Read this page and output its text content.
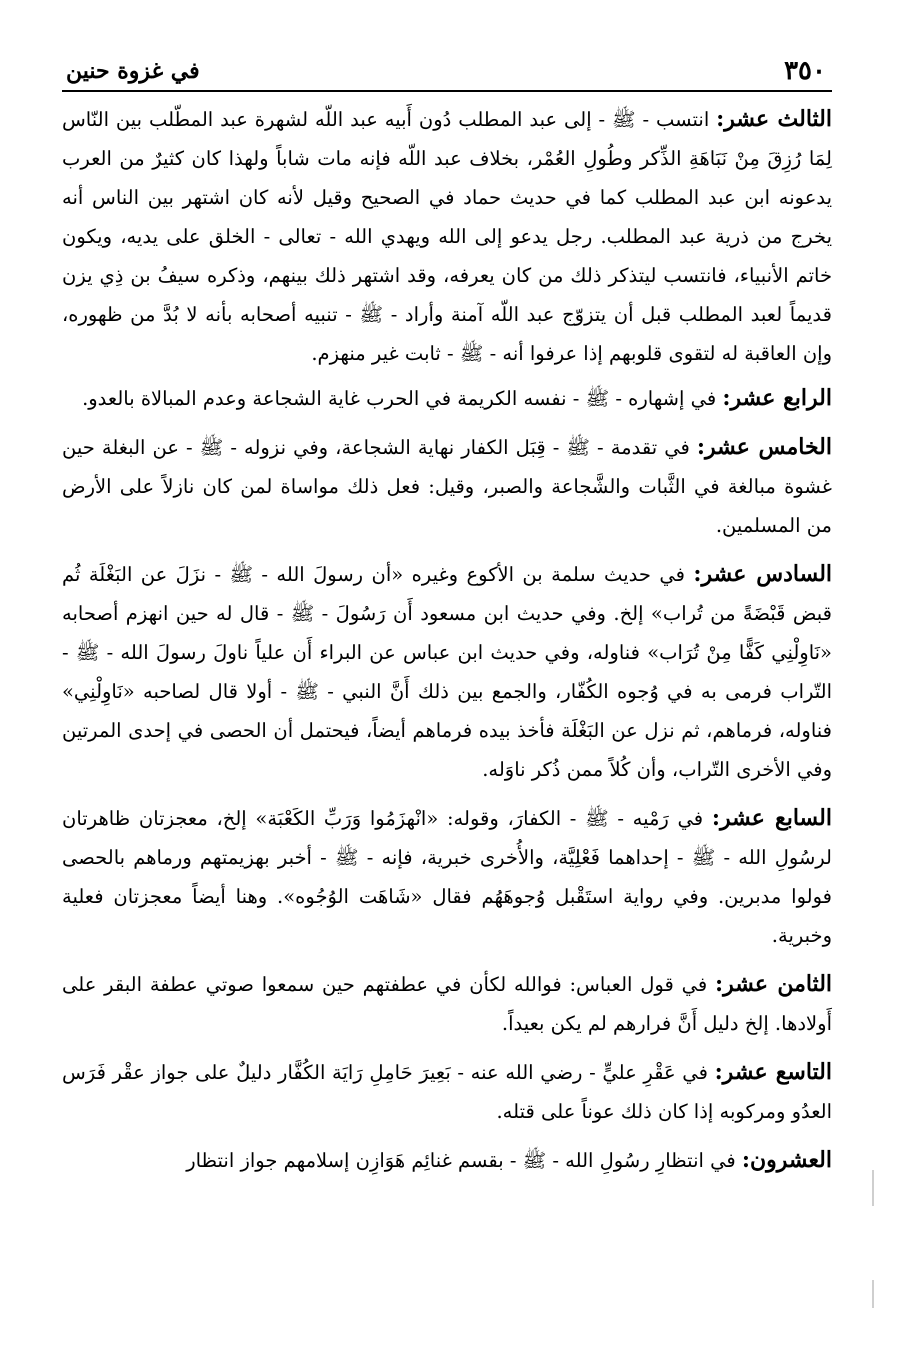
٣٥٠
في غزوة حنين

الثالث عشر: انتسب - ﷺ - إلى عبد المطلب دُون أَبيه عبد اللّه لشهرة عبد المطّلب بين النّاس لِمَا رُزِقَ مِنْ نَبَاهَةِ الذِّكر وطُولِ العُمْر، بخلاف عبد اللّه فإنه مات شاباً ولهذا كان كثيرٌ من العرب يدعونه ابن عبد المطلب كما في حديث حماد في الصحيح وقيل لأنه كان اشتهر بين الناس أنه يخرج من ذرية عبد المطلب. رجل يدعو إلى الله ويهدي الله - تعالى - الخلق على يديه، ويكون خاتم الأنبياء، فانتسب ليتذكر ذلك من كان يعرفه، وقد اشتهر ذلك بينهم، وذكره سيفُ بن ذِي يزن قديماً لعبد المطلب قبل أن يتزوّج عبد اللّه آمنة وأراد - ﷺ - تنبيه أصحابه بأنه لا بُدَّ من ظهوره، وإن العاقبة له لتقوى قلوبهم إذا عرفوا أنه - ﷺ - ثابت غير منهزم.

الرابع عشر: في إشهاره - ﷺ - نفسه الكريمة في الحرب غاية الشجاعة وعدم المبالاة بالعدو.

الخامس عشر: في تقدمة - ﷺ - قِبَل الكفار نهاية الشجاعة، وفي نزوله - ﷺ - عن البغلة حين غشوة مبالغة في الثَّبات والشَّجاعة والصبر، وقيل: فعل ذلك مواساة لمن كان نازلاً على الأرض من المسلمين.

السادس عشر: في حديث سلمة بن الأكوع وغيره «أن رسولَ الله - ﷺ - نزَلَ عن البَغْلَة ثُم قبض قَبْضَةً من تُراب» إلخ. وفي حديث ابن مسعود أَن رَسُولَ - ﷺ - قال له حين انهزم أصحابه «نَاوِلْنِي كَفًّا مِنْ تُرَاب» فناوله، وفي حديث ابن عباس عن البراء أَن علياً ناولَ رسولَ الله - ﷺ - التّراب فرمى به في وُجوه الكُفّار، والجمع بين ذلك أَنَّ النبي - ﷺ - أولا قال لصاحبه «نَاوِلْنِي» فناوله، فرماهم، ثم نزل عن البَغْلَة فأخذ بيده فرماهم أيضاً، فيحتمل أن الحصى في إحدى المرتين وفي الأخرى التّراب، وأن كُلاً ممن ذُكر ناوَله.

السابع عشر: في رَمْيه - ﷺ - الكفارَ، وقوله: «انْهزَمُوا وَرَبِّ الكَعْبَة» إلخ، معجزتان ظاهرتان لرسُولِ الله - ﷺ - إحداهما فَعْلِيَّة، والأُخرى خبرية، فإنه - ﷺ - أخبر بهزيمتهم ورماهم بالحصى فولوا مدبرين. وفي رواية استَقْبل وُجوهَهُم فقال «شَاهَت الوُجُوه». وهنا أيضاً معجزتان فعلية وخبرية.

الثامن عشر: في قول العباس: فوالله لكأن في عطفتهم حين سمعوا صوتي عطفة البقر على أَولادها. إلخ دليل أَنَّ فرارهم لم يكن بعيداً.

التاسع عشر: في عَقْرِ عليٍّ - رضي الله عنه - بَعِيرَ حَامِلِ رَايَة الكُفَّار دليلٌ على جواز عقْر فَرَس العدُو ومركوبه إذا كان ذلك عوناً على قتله.

العشرون: في انتظارِ رسُولِ الله - ﷺ - بقسم غنائِم هَوَازِن إسلامهم جواز انتظار
